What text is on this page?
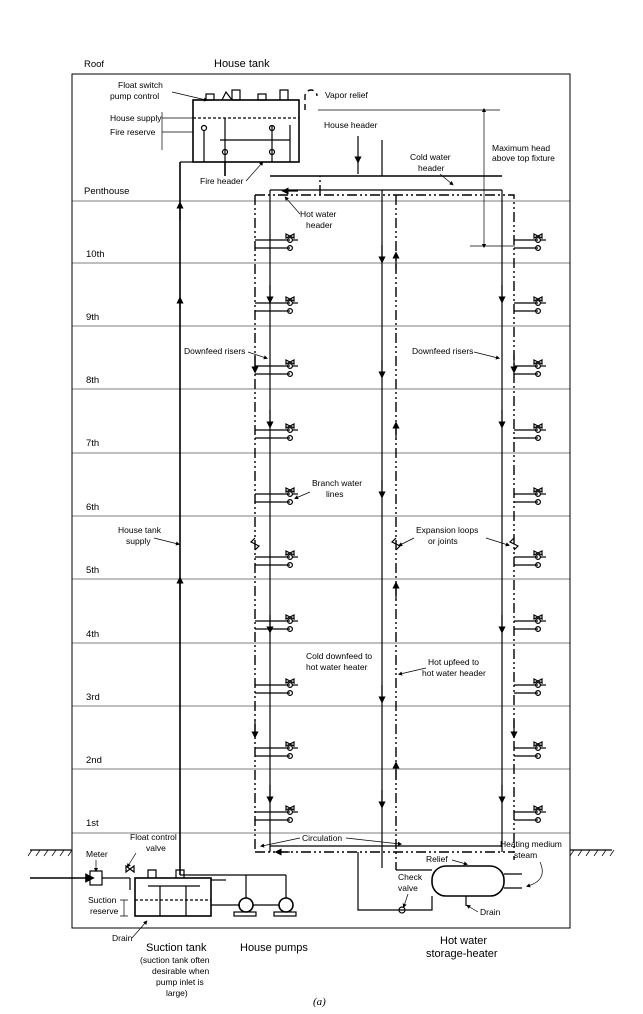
Roof
Penthouse
10th
9th
8th
7th
6th
5th
4th
3rd
2nd
1st
House tank
Float switch
pump control	Vapor relief
House supply
Fire reserve
Fire header
Maximum head
above top fixture
House header
Cold water
header
House tank
supply
Hot water
header
Expansion loops
or joints
Downfeed risers	Downfeed risers
Branch water
lines
Cold downfeed to
hot water heater	Hot upfeed to
hot water header
Circulation
Heating medium
steam
Meter
Float control
valve
Suction
reserve
Drain
Relief
Check
valve
Drain
Suction tank
(suction tank often
desirable when
pump inlet is
large)
House pumps
Hot water
storage-heater
(a)
